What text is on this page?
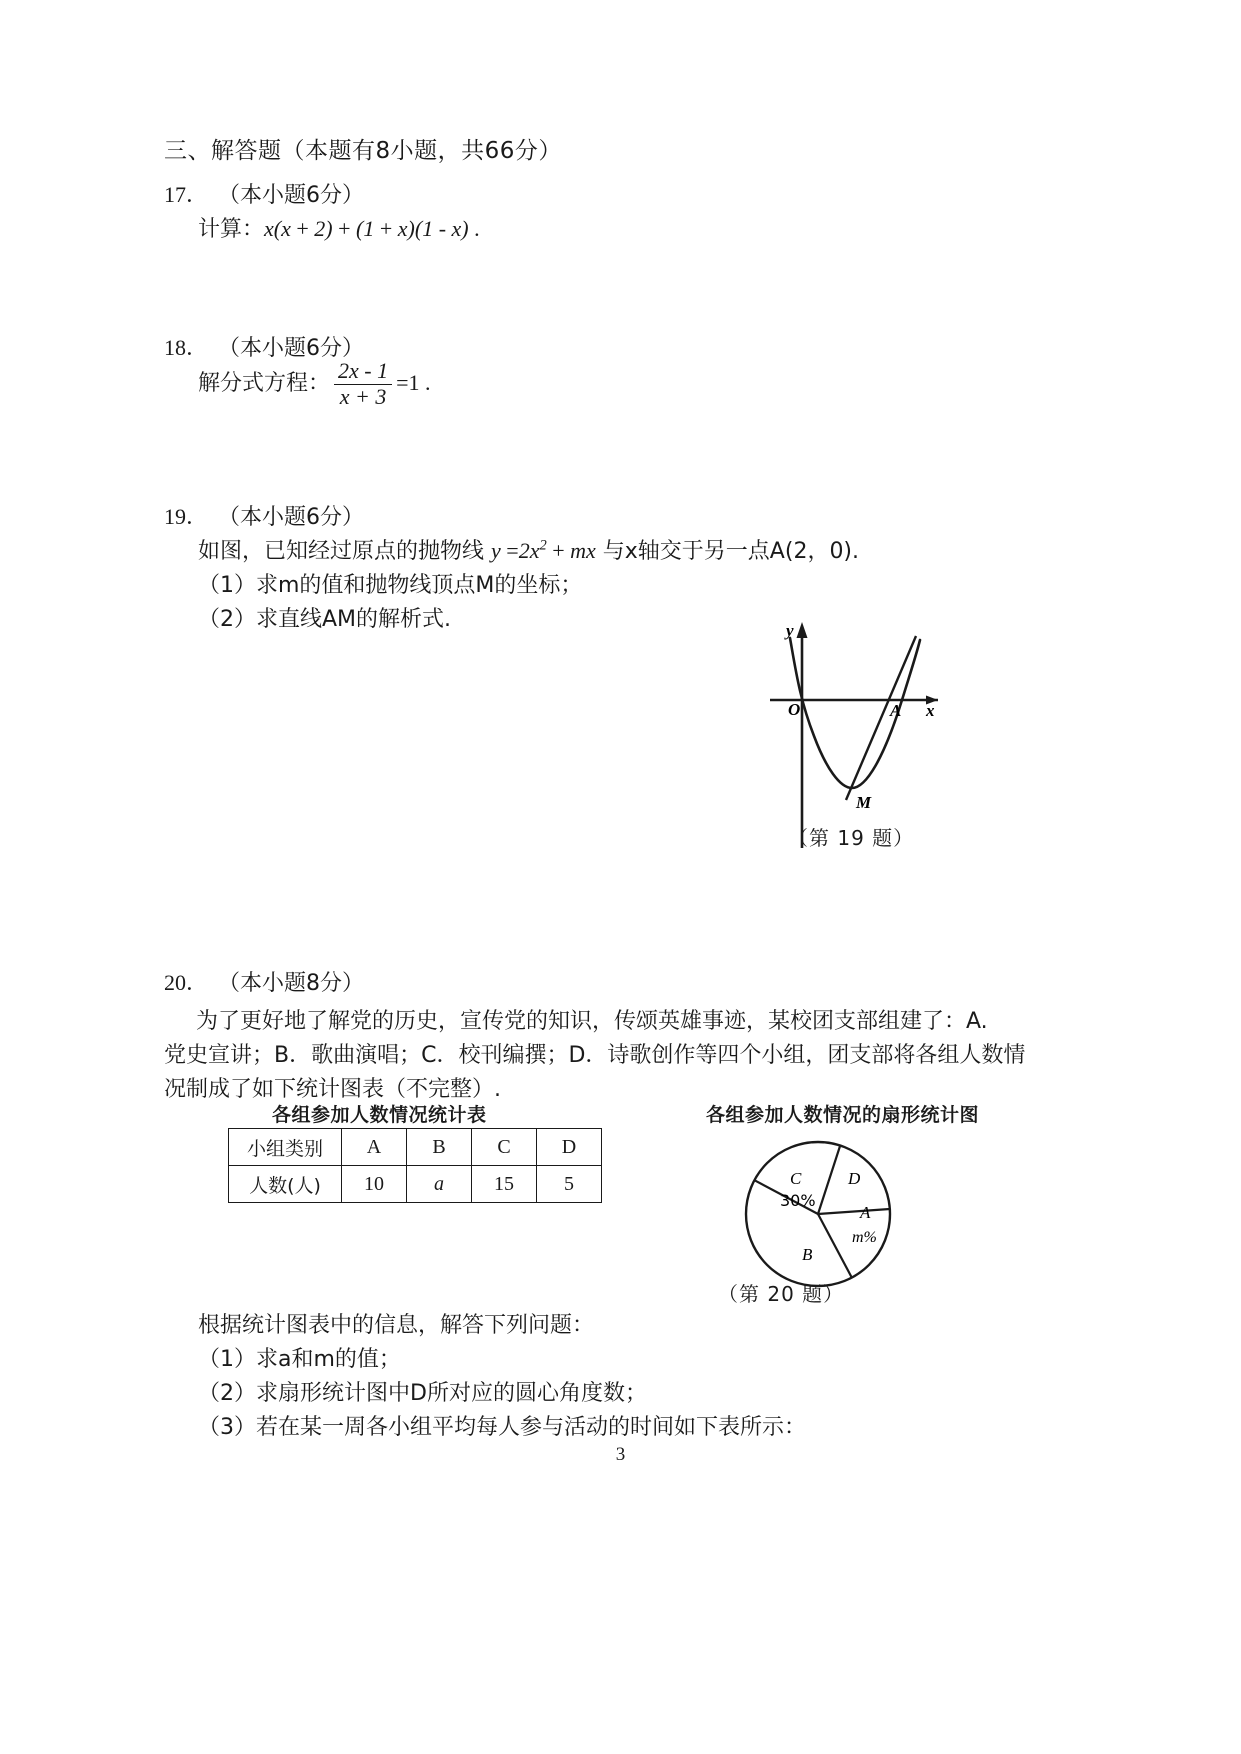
三、解答题（本题有8小题，共66分）
17． （本小题6分）
计算：x(x + 2) + (1 + x)(1 - x) .
18． （本小题6分）
解分式方程： $\frac{2x - 1}{x + 3} =1$ .
19． （本小题6分）
如图，已知经过原点的抛物线 $y =2x^2$ + mx 与x轴交于另一点A(2，0).
（1）求m的值和抛物线顶点M的坐标；
（2）求直线AM的解析式.
O
y
x
A
M
（第 19 题）
20． （本小题8分）
为了更好地了解党的历史，宣传党的知识，传颂英雄事迹，某校团支部组建了：A.
党史宣讲；B．歌曲演唱；C．校刊编撰；D．诗歌创作等四个小组，团支部将各组人数情
况制成了如下统计图表（不完整）.
各组参加人数情况统计表
小组类别	A	B	C	D
人数(人)	10	a	15	5
各组参加人数情况的扇形统计图
C
30%
D
A
m%
B
（第 20 题）
根据统计图表中的信息，解答下列问题：
（1）求a和m的值；
（2）求扇形统计图中D所对应的圆心角度数；
（3）若在某一周各小组平均每人参与活动的时间如下表所示：
3
